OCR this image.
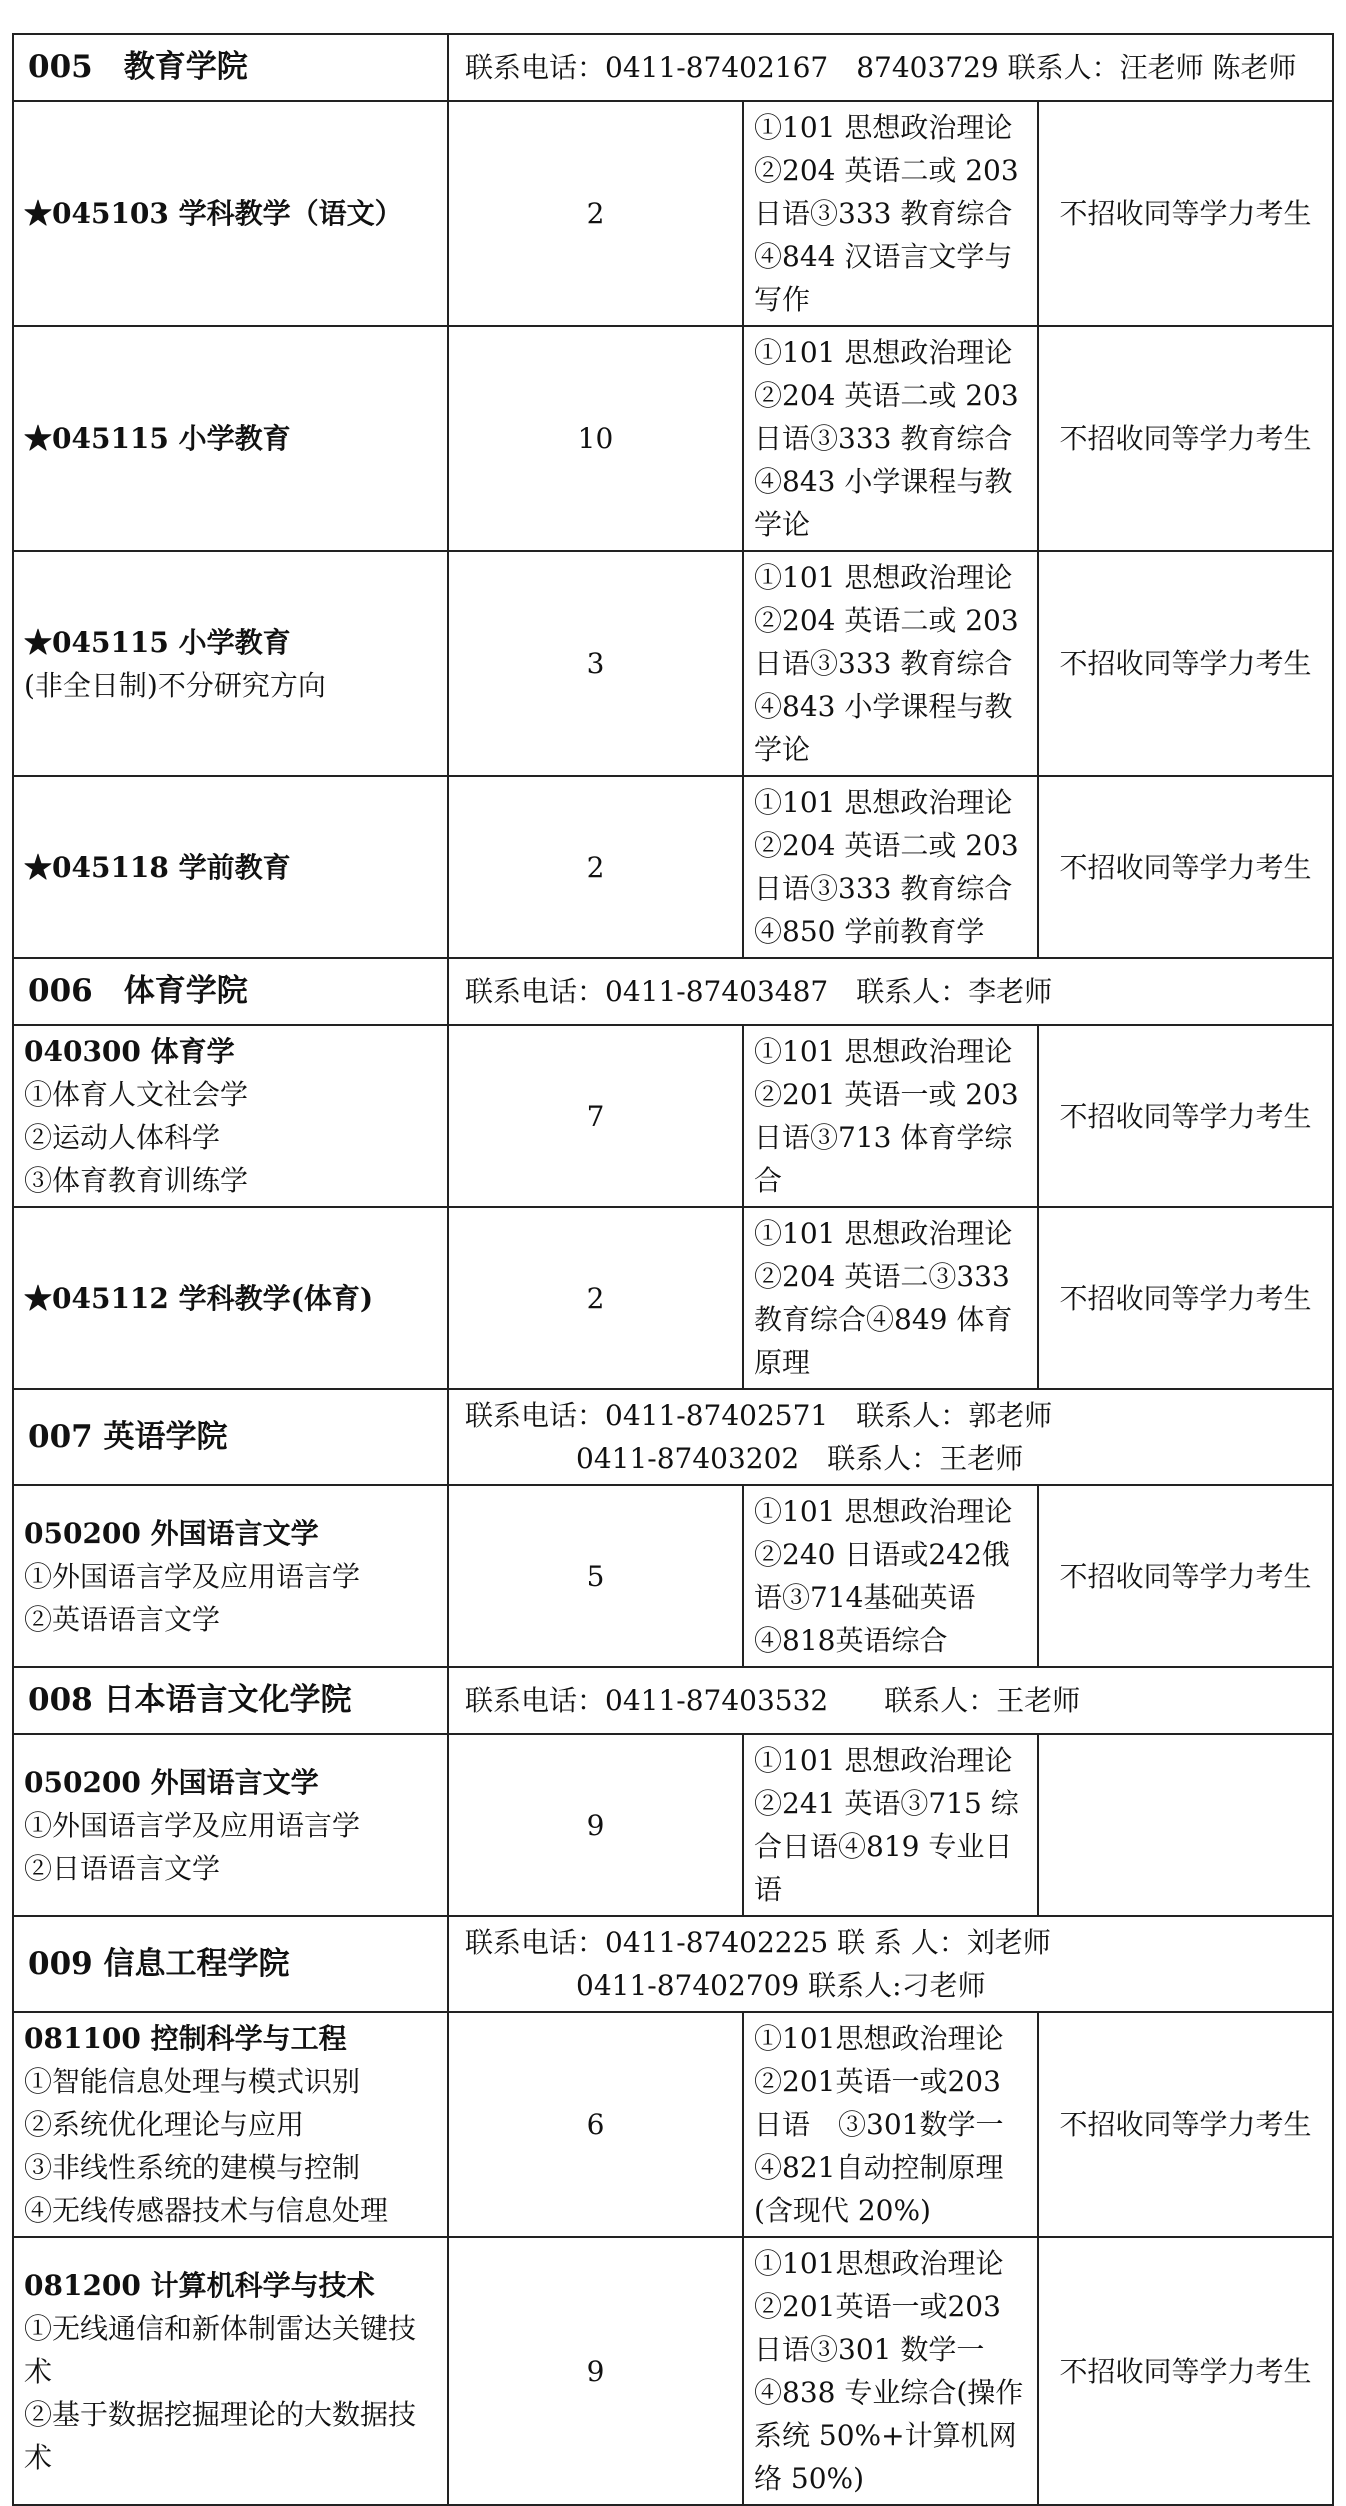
005　教育学院	联系电话：0411-87402167　87403729 联系人：汪老师 陈老师		

★045103 学科教学（语文）	2	①101 思想政治理论　②204 英语二或 203 日语③333 教育综合 ④844 汉语言文学与写作	不招收同等学力考生

★045115 小学教育	10	①101 思想政治理论　②204 英语二或 203 日语③333 教育综合 ④843 小学课程与教学论	不招收同等学力考生

★045115 小学教育
(非全日制)不分研究方向	3	①101 思想政治理论　②204 英语二或 203 日语③333 教育综合 ④843 小学课程与教学论	不招收同等学力考生

★045118 学前教育	2	①101 思想政治理论　②204 英语二或 203 日语③333 教育综合 ④850 学前教育学	不招收同等学力考生
006　体育学院	联系电话：0411-87403487　联系人：李老师		

040300 体育学
①体育人文社会学
②运动人体科学
③体育教育训练学	7	①101 思想政治理论　②201 英语一或 203 日语③713 体育学综合	不招收同等学力考生

★045112 学科教学(体育)	2	①101 思想政治理论　②204 英语二③333 教育综合④849 体育原理	不招收同等学力考生
007 英语学院	联系电话：0411-87402571　联系人：郭老师
0411-87403202　联系人：王老师		

050200 外国语言文学
①外国语言学及应用语言学
②英语语言文学	5	①101 思想政治理论　②240 日语或242俄语③714基础英语④818英语综合	不招收同等学力考生
008 日本语言文化学院	联系电话：0411-87403532　　联系人：王老师		

050200 外国语言文学
①外国语言学及应用语言学
②日语语言文学	9	①101 思想政治理论　②241 英语③715 综合日语④819 专业日语	
009 信息工程学院	联系电话：0411-87402225 联 系 人：刘老师
0411-87402709 联系人:刁老师		

081100 控制科学与工程
①智能信息处理与模式识别
②系统优化理论与应用
③非线性系统的建模与控制
④无线传感器技术与信息处理	6	①101思想政治理论　②201英语一或203日语　③301数学一　④821自动控制原理(含现代 20%)	不招收同等学力考生

081200 计算机科学与技术
①无线通信和新体制雷达关键技术
②基于数据挖掘理论的大数据技术	9	①101思想政治理论　②201英语一或203 日语③301 数学一　④838 专业综合(操作系统 50%+计算机网络 50%)	不招收同等学力考生
